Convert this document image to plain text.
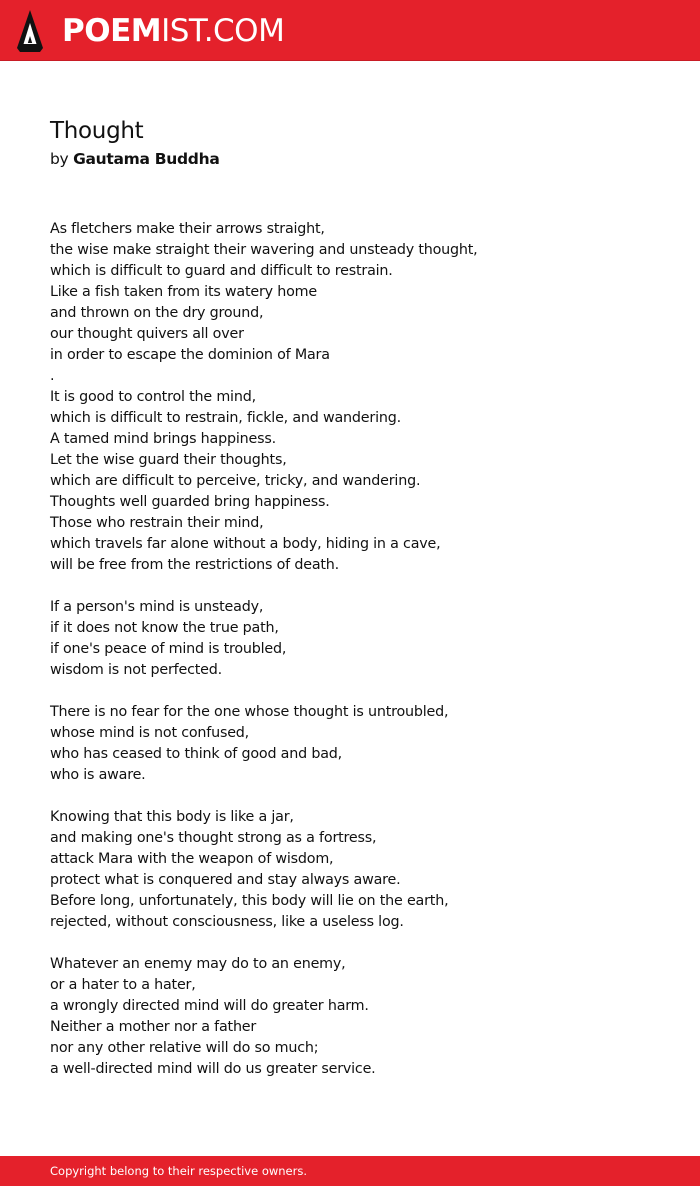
POEMIST.COM
Thought
by Gautama Buddha
As fletchers make their arrows straight,
the wise make straight their wavering and unsteady thought,
which is difficult to guard and difficult to restrain.
Like a fish taken from its watery home
and thrown on the dry ground,
our thought quivers all over
in order to escape the dominion of Mara
.
It is good to control the mind,
which is difficult to restrain, fickle, and wandering.
A tamed mind brings happiness.
Let the wise guard their thoughts,
which are difficult to perceive, tricky, and wandering.
Thoughts well guarded bring happiness.
Those who restrain their mind,
which travels far alone without a body, hiding in a cave,
will be free from the restrictions of death.
If a person's mind is unsteady,
if it does not know the true path,
if one's peace of mind is troubled,
wisdom is not perfected.
There is no fear for the one whose thought is untroubled,
whose mind is not confused,
who has ceased to think of good and bad,
who is aware.
Knowing that this body is like a jar,
and making one's thought strong as a fortress,
attack Mara with the weapon of wisdom,
protect what is conquered and stay always aware.
Before long, unfortunately, this body will lie on the earth,
rejected, without consciousness, like a useless log.
Whatever an enemy may do to an enemy,
or a hater to a hater,
a wrongly directed mind will do greater harm.
Neither a mother nor a father
nor any other relative will do so much;
a well-directed mind will do us greater service.
Copyright belong to their respective owners.
